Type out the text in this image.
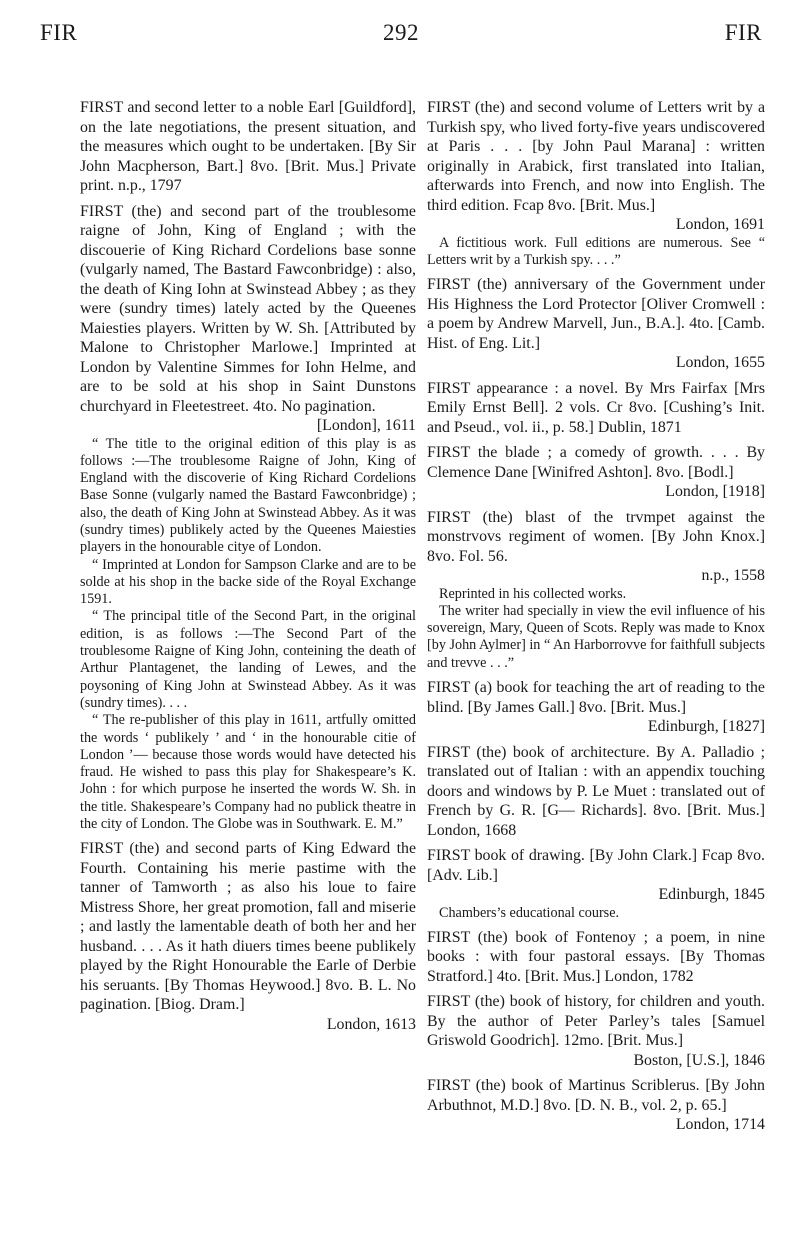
FIR	292	FIR
FIRST and second letter to a noble Earl [Guildford], on the late negotiations, the present situation, and the measures which ought to be undertaken. [By Sir John Macpherson, Bart.] 8vo. [Brit. Mus.] Private print. n.p., 1797
FIRST (the) and second part of the troublesome raigne of John, King of England ; with the discouerie of King Richard Cordelions base sonne (vulgarly named, The Bastard Fawconbridge) : also, the death of King Iohn at Swinstead Abbey ; as they were (sundry times) lately acted by the Queenes Maiesties players. Written by W. Sh. [Attributed by Malone to Christopher Marlowe.] Imprinted at London by Valentine Simmes for Iohn Helme, and are to be sold at his shop in Saint Dunstons churchyard in Fleetestreet. 4to. No pagination.
[London], 1611
“ The title to the original edition of this play is as follows :—The troublesome Raigne of John, King of England with the discoverie of King Richard Cordelions Base Sonne (vulgarly named the Bastard Fawconbridge) ; also, the death of King John at Swinstead Abbey. As it was (sundry times) publikely acted by the Queenes Maiesties players in the honourable citye of London.
“ Imprinted at London for Sampson Clarke and are to be solde at his shop in the backe side of the Royal Exchange 1591.
“ The principal title of the Second Part, in the original edition, is as follows :—The Second Part of the troublesome Raigne of King John, conteining the death of Arthur Plantagenet, the landing of Lewes, and the poysoning of King John at Swinstead Abbey. As it was (sundry times). . . .
“ The re-publisher of this play in 1611, artfully omitted the words ‘ publikely ’ and ‘ in the honourable citie of London ’— because those words would have detected his fraud. He wished to pass this play for Shakespeare’s K. John : for which purpose he inserted the words W. Sh. in the title. Shakespeare’s Company had no publick theatre in the city of London. The Globe was in Southwark. E. M.”
FIRST (the) and second parts of King Edward the Fourth. Containing his merie pastime with the tanner of Tamworth ; as also his loue to faire Mistress Shore, her great promotion, fall and miserie ; and lastly the lamentable death of both her and her husband. . . . As it hath diuers times beene publikely played by the Right Honourable the Earle of Derbie his seruants. [By Thomas Heywood.] 8vo. B. L. No pagination. [Biog. Dram.]
London, 1613
FIRST (the) and second volume of Letters writ by a Turkish spy, who lived forty-five years undiscovered at Paris . . . [by John Paul Marana] : written originally in Arabick, first translated into Italian, afterwards into French, and now into English. The third edition. Fcap 8vo. [Brit. Mus.]
London, 1691
A fictitious work. Full editions are numerous. See “ Letters writ by a Turkish spy. . . .”
FIRST (the) anniversary of the Government under His Highness the Lord Protector [Oliver Cromwell : a poem by Andrew Marvell, Jun., B.A.]. 4to. [Camb. Hist. of Eng. Lit.]
London, 1655
FIRST appearance : a novel. By Mrs Fairfax [Mrs Emily Ernst Bell]. 2 vols. Cr 8vo. [Cushing’s Init. and Pseud., vol. ii., p. 58.] Dublin, 1871
FIRST the blade ; a comedy of growth. . . . By Clemence Dane [Winifred Ashton]. 8vo. [Bodl.]
London, [1918]
FIRST (the) blast of the trvmpet against the monstrvovs regiment of women. [By John Knox.] 8vo. Fol. 56.
n.p., 1558
Reprinted in his collected works.
The writer had specially in view the evil influence of his sovereign, Mary, Queen of Scots. Reply was made to Knox [by John Aylmer] in “ An Harborrovve for faithfull subjects and trevve . . .”
FIRST (a) book for teaching the art of reading to the blind. [By James Gall.] 8vo. [Brit. Mus.]
Edinburgh, [1827]
FIRST (the) book of architecture. By A. Palladio ; translated out of Italian : with an appendix touching doors and windows by P. Le Muet : translated out of French by G. R. [G— Richards]. 8vo. [Brit. Mus.] London, 1668
FIRST book of drawing. [By John Clark.] Fcap 8vo. [Adv. Lib.]
Edinburgh, 1845
Chambers’s educational course.
FIRST (the) book of Fontenoy ; a poem, in nine books : with four pastoral essays. [By Thomas Stratford.] 4to. [Brit. Mus.] London, 1782
FIRST (the) book of history, for children and youth. By the author of Peter Parley’s tales [Samuel Griswold Goodrich]. 12mo. [Brit. Mus.]
Boston, [U.S.], 1846
FIRST (the) book of Martinus Scriblerus. [By John Arbuthnot, M.D.] 8vo. [D. N. B., vol. 2, p. 65.]
London, 1714
